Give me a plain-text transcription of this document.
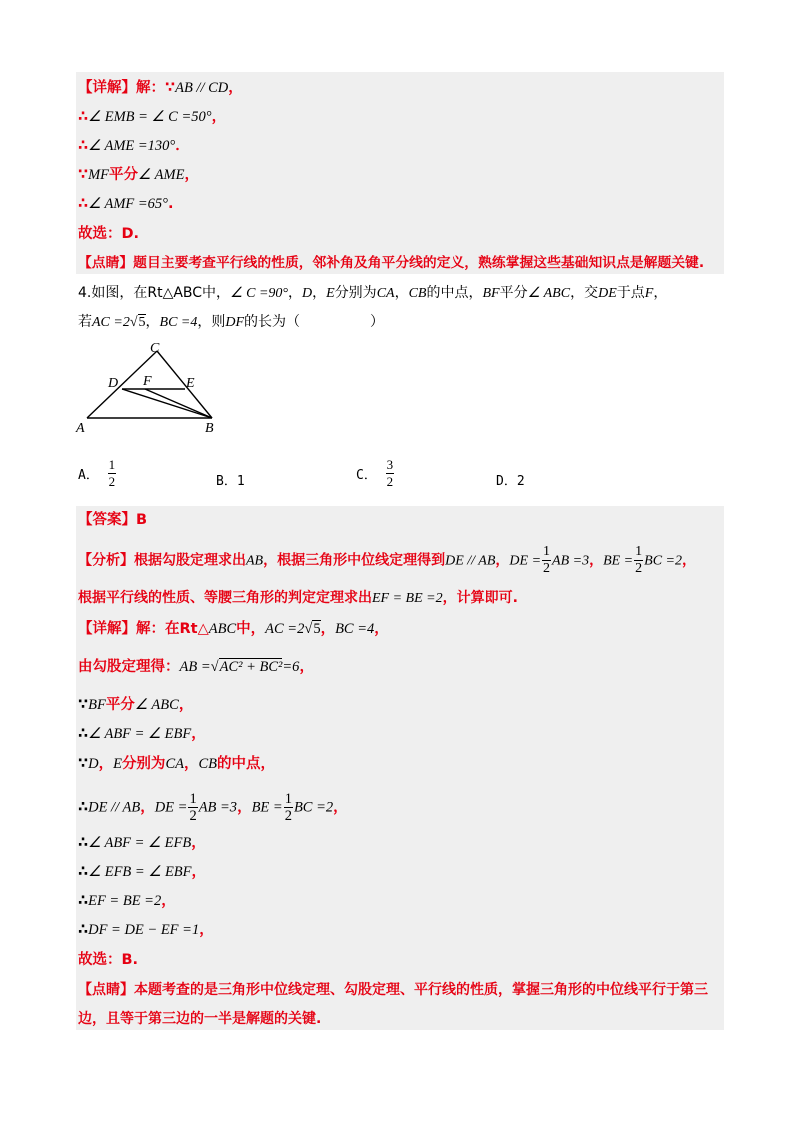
【详解】解：∵AB // CD，
∴∠ EMB = ∠ C =50°，
∴∠ AME =130°．
∵MF平分∠ AME，
∴∠ AMF =65°.
故选：D.
【点睛】题目主要考查平行线的性质，邻补角及角平分线的定义，熟练掌握这些基础知识点是解题关键.
4.如图，在Rt△ABC中，∠ C =90°，D，E分别为CA，CB的中点，BF平分∠ ABC，交DE于点F，
若AC =2√5，BC =4，则DF的长为（　　　　　）
C
D F E
A	B
A． $\frac{1}{2}$	B．1	C． $\frac{3}{2}$	D．2
【答案】B
【分析】根据勾股定理求出AB，根据三角形中位线定理得到DE // AB，DE = $\frac{1}{2}$ AB =3，BE = $\frac{1}{2}$ BC =2，
根据平行线的性质、等腰三角形的判定定理求出EF = BE =2，计算即可.
【详解】解：在Rt△ABC中，AC =2√5，BC =4，
由勾股定理得：AB =√AC² + BC²=6，
∵BF平分∠ ABC，
∴∠ ABF = ∠ EBF，
∵D，E分别为CA，CB的中点，
∴DE // AB，DE = $\frac{1}{2}$ AB =3，BE = $\frac{1}{2}$ BC =2，
∴∠ ABF = ∠ EFB，
∴∠ EFB = ∠ EBF，
∴EF = BE =2，
∴DF = DE − EF =1，
故选：B.
【点睛】本题考查的是三角形中位线定理、勾股定理、平行线的性质，掌握三角形的中位线平行于第三
边，且等于第三边的一半是解题的关键.
